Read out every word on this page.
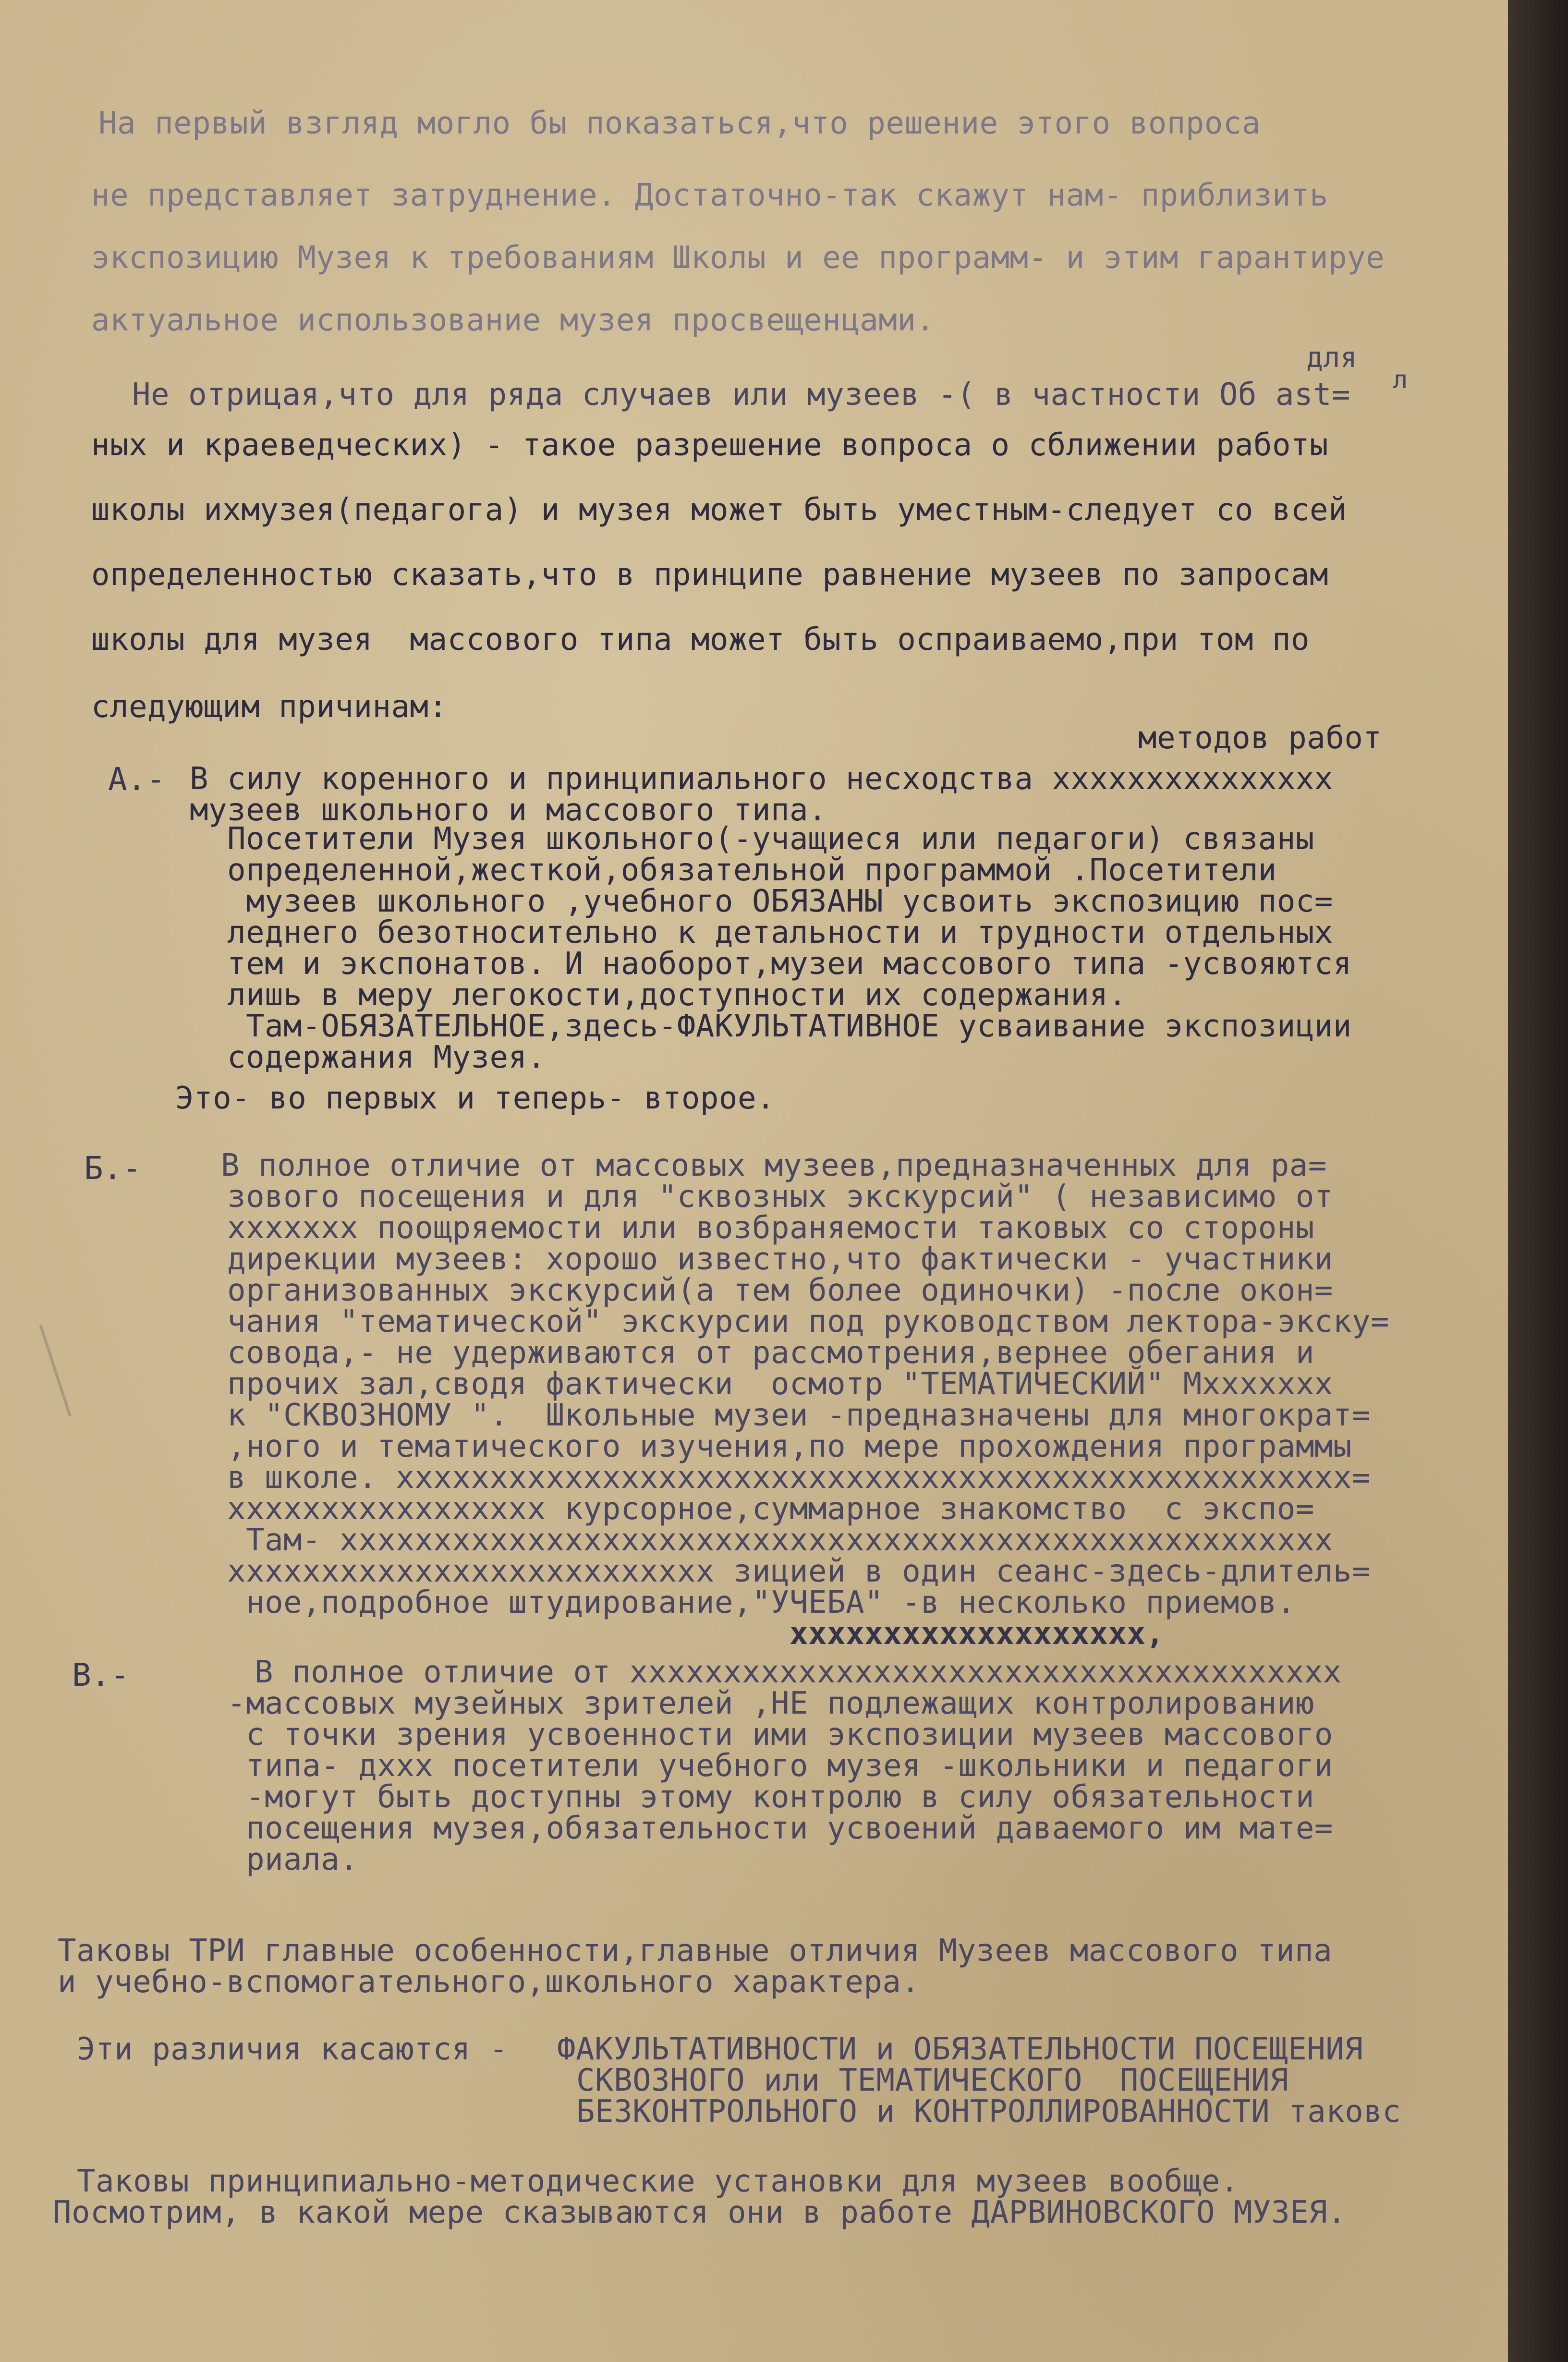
На первый взгляд могло бы показаться,что решение этого вопроса
не представляет затруднение. Достаточно-так скажут нам- приблизить
экспозицию Музея к требованиям Школы и ее программ- и этим гарантируе
актуальное использование музея просвещенцами.
для
л
Не отрицая,что для ряда случаев или музеев -( в частности Об ast=
ных и краеведческих) - такое разрешение вопроса о сближении работы
школы иxмузея(педагога) и музея может быть уместным-следует со всей
определенностью сказать,что в принципе равнение музеев по запросам
школы для музея  массового типа может быть оспраиваемо,при том по
следующим причинам:
методов работ
А.- В силу коренного и принципиального несходства xxxxxxxxxxxxxxx
музеев школьного и массового типа.
Посетители Музея школьного(-учащиеся или педагоги) связаны
определенной,жесткой,обязательной программой .Посетители
музеев школьного ,учебного ОБЯЗАНЫ усвоить экспозицию пос=
леднего безотносительно к детальности и трудности отдельных
тем и экспонатов. И наоборот,музеи массового типа -усвояются
лишь в меру легокости,доступности их содержания.
Там-ОБЯЗАТЕЛЬНОЕ,здесь-ФАКУЛЬТАТИВНОЕ усваивание экспозиции
содержания Музея.
Это- во первых и теперь- второе.
Б.-	В полное отличие от массовых музеев,предназначенных для ра=
зового посещения и для "сквозных экскурсий" ( независимо от
xxxxxxx поощряемости или возбраняемости таковых со стороны
дирекции музеев: хорошо известно,что фактически - участники
организованных экскурсий(а тем более одиночки) -после окон=
чания "тематической" экскурсии под руководством лектора-экску=
совода,- не удерживаются от рассмотрения,вернее обегания и
прочих зал,сводя фактически  осмотр "ТЕМАТИЧЕСКИЙ" Мxxxxxxx
к "СКВОЗНОМУ ".  Школьные музеи -предназначены для многократ=
,ного и тематического изучения,по мере прохождения программы
в школе. xxxxxxxxxxxxxxxxxxxxxxxxxxxxxxxxxxxxxxxxxxxxxxxxxxx=
xxxxxxxxxxxxxxxxx курсорное,суммарное знакомство  с экспо=
Там- xxxxxxxxxxxxxxxxxxxxxxxxxxxxxxxxxxxxxxxxxxxxxxxxxxxxx
xxxxxxxxxxxxxxxxxxxxxxxxxx зицией в один сеанс-здесь-длитель=
ное,подробное штудирование,"УЧЕБА" -в несколько приемов.
xxxxxxxxxxxxxxxxxxx,
В.-	В полное отличие от xxxxxxxxxxxxxxxxxxxxxxxxxxxxxxxxxxxxxx
-массовых музейных зрителей ,НЕ подлежащих контролированию
с точки зрения усвоенности ими экспозиции музеев массового
типа- дxxx посетители учебного музея -школьники и педагоги
-могут быть доступны этому контролю в силу обязательности
посещения музея,обязательности усвоений даваемого им мате=
риала.
Таковы ТРИ главные особенности,главные отличия Музеев массового типа
и учебно-вспомогательного,школьного характера.
Эти различия касаются - ФАКУЛЬТАТИВНОСТИ и ОБЯЗАТЕЛЬНОСТИ ПОСЕЩЕНИЯ
СКВОЗНОГО или ТЕМАТИЧЕСКОГО  ПОСЕЩЕНИЯ
БЕЗКОНТРОЛЬНОГО и КОНТРОЛЛИРОВАННОСТИ таковс
Таковы принципиально-методические установки для музеев вообще.
Посмотрим, в какой мере сказываются они в работе ДАРВИНОВСКОГО МУЗЕЯ.
